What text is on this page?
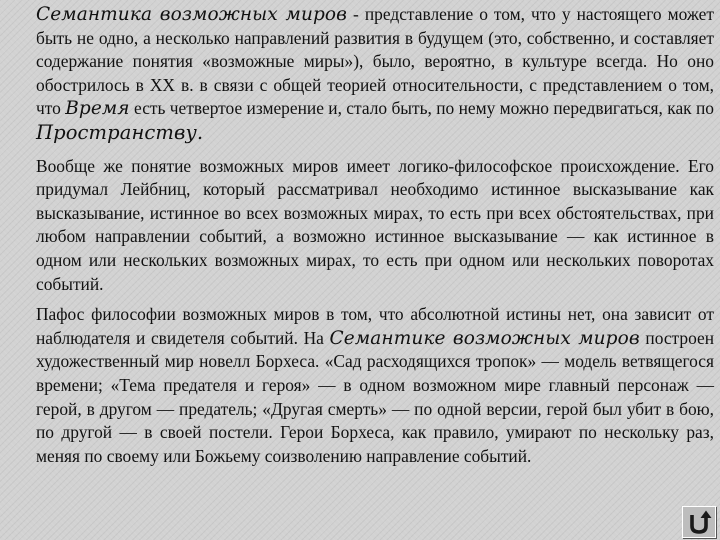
Семантика возможных миров - представление о том, что у настоящего может быть не одно, а несколько направлений развития в будущем (это, собственно, и составляет содержание понятия «возможные миры»), было, вероятно, в культуре всегда. Но оно обострилось в XX в. в связи с общей теорией относительности, с представлением о том, что Время есть четвертое измерение и, стало быть, по нему можно передвигаться, как по Пространству.

Вообще же понятие возможных миров имеет логико-философское происхождение. Его придумал Лейбниц, который рассматривал необходимо истинное высказывание как высказывание, истинное во всех возможных мирах, то есть при всех обстоятельствах, при любом направлении событий, а возможно истинное высказывание — как истинное в одном или нескольких возможных мирах, то есть при одном или нескольких поворотах событий.

Пафос философии возможных миров в том, что абсолютной истины нет, она зависит от наблюдателя и свидетеля событий. На Семантике возможных миров построен художественный мир новелл Борхеса. «Сад расходящихся тропок» — модель ветвящегося времени; «Тема предателя и героя» — в одном возможном мире главный персонаж — герой, в другом — предатель; «Другая смерть» — по одной версии, герой был убит в бою, по другой — в своей постели. Герои Борхеса, как правило, умирают по нескольку раз, меняя по своему или Божьему соизволению направление событий.
